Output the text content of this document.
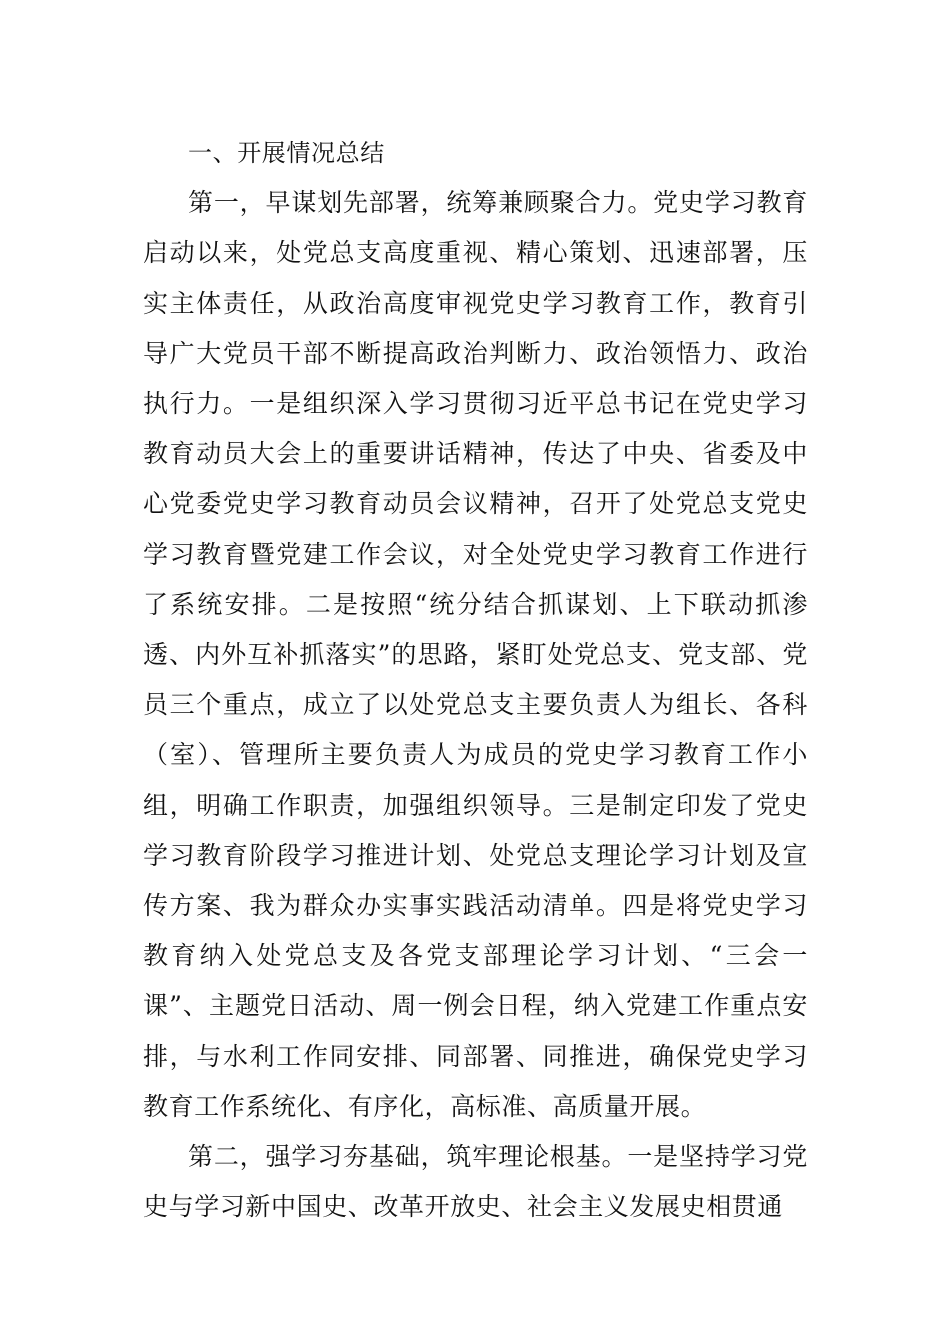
一、开展情况总结

第一，早谋划先部署，统筹兼顾聚合力。党史学习教育启动以来，处党总支高度重视、精心策划、迅速部署，压实主体责任，从政治高度审视党史学习教育工作，教育引导广大党员干部不断提高政治判断力、政治领悟力、政治执行力。一是组织深入学习贯彻习近平总书记在党史学习教育动员大会上的重要讲话精神，传达了中央、省委及中心党委党史学习教育动员会议精神，召开了处党总支党史学习教育暨党建工作会议，对全处党史学习教育工作进行了系统安排。二是按照“统分结合抓谋划、上下联动抓渗透、内外互补抓落实”的思路，紧盯处党总支、党支部、党员三个重点，成立了以处党总支主要负责人为组长、各科（室）、管理所主要负责人为成员的党史学习教育工作小组，明确工作职责，加强组织领导。三是制定印发了党史学习教育阶段学习推进计划、处党总支理论学习计划及宣传方案、我为群众办实事实践活动清单。四是将党史学习教育纳入处党总支及各党支部理论学习计划、“三会一课”、主题党日活动、周一例会日程，纳入党建工作重点安排，与水利工作同安排、同部署、同推进，确保党史学习教育工作系统化、有序化，高标准、高质量开展。

第二，强学习夯基础，筑牢理论根基。一是坚持学习党史与学习新中国史、改革开放史、社会主义发展史相贯通
